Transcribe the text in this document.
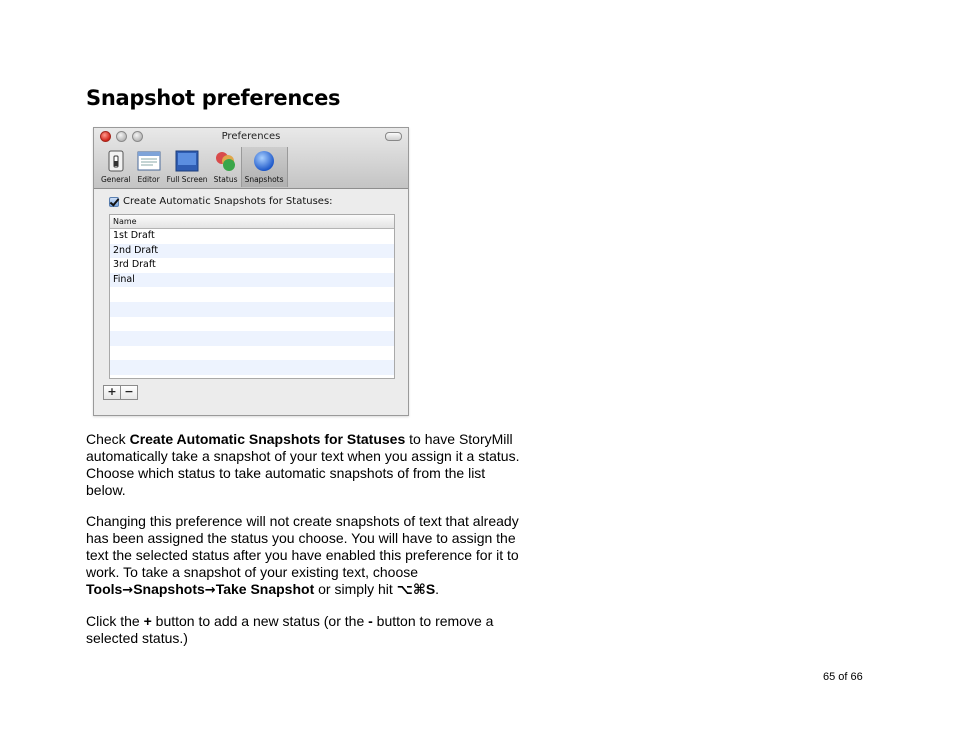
Snapshot preferences
Preferences
General Editor Full Screen Status Snapshots
Create Automatic Snapshots for Statuses:
Name
1st Draft
2nd Draft
3rd Draft
Final
+ −

Check Create Automatic Snapshots for Statuses to have StoryMill automatically take a snapshot of your text when you assign it a status. Choose which status to take automatic snapshots of from the list below.

Changing this preference will not create snapshots of text that already has been assigned the status you choose. You will have to assign the text the selected status after you have enabled this preference for it to work. To take a snapshot of your existing text, choose Tools→Snapshots→Take Snapshot or simply hit ⌥⌘S.

Click the + button to add a new status (or the - button to remove a selected status.)

65 of 66
